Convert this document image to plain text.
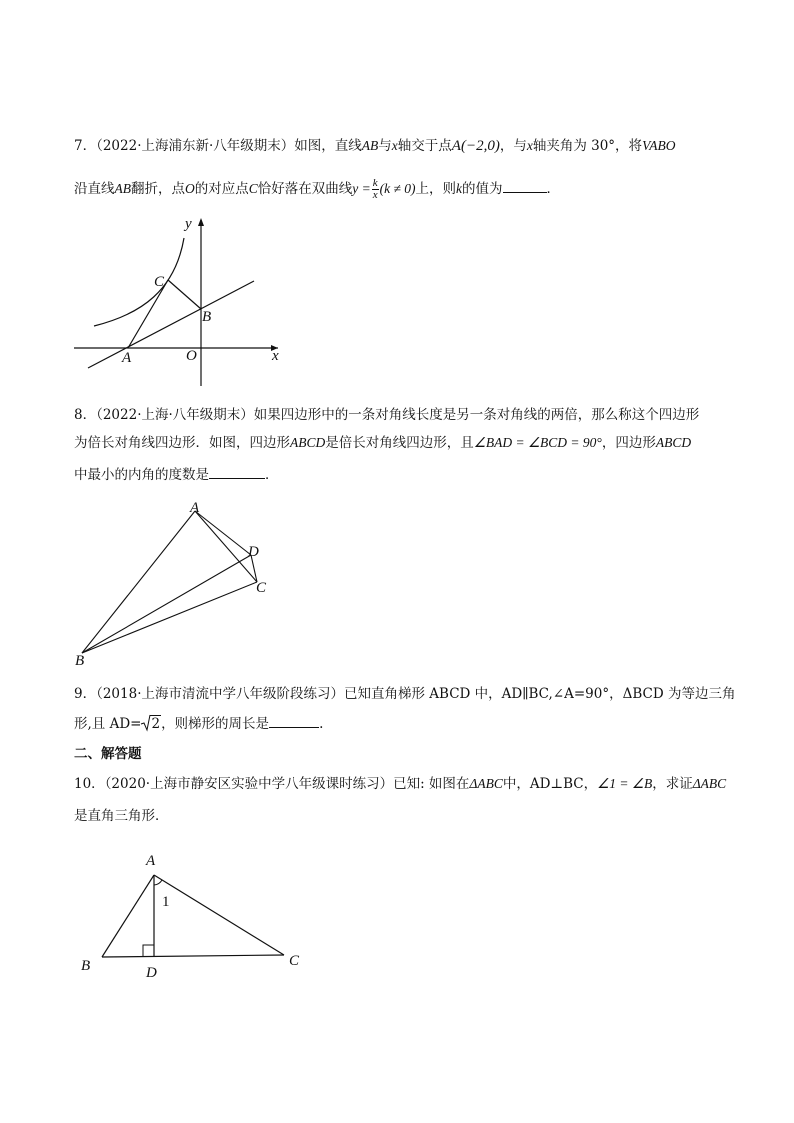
7．（2022·上海浦东新·八年级期末）如图，直线AB与x轴交于点A(−2,0)，与x轴夹角为 30°，将VABO
沿直线AB翻折，点O的对应点C恰好落在双曲线$y = \frac{k}{x} (k \ne 0)$上，则k的值为	．
y
x
C
B
A	O
8．（2022·上海·八年级期末）如果四边形中的一条对角线长度是另一条对角线的两倍，那么称这个四边形
为倍长对角线四边形．如图，四边形ABCD是倍长对角线四边形，且∠BAD = ∠BCD = 90°，四边形ABCD
中最小的内角的度数是	．
A
D
C
B
9．（2018·上海市清流中学八年级阶段练习）已知直角梯形 ABCD 中，AD∥BC,∠A=90°，ΔBCD 为等边三角
形,且 AD= 2，则梯形的周长是	.
二、解答题
10．（2020·上海市静安区实验中学八年级课时练习）已知: 如图在ΔABC中，AD⊥BC，∠1 = ∠B，求证ΔABC
是直角三角形．
A
1
B	D
C
